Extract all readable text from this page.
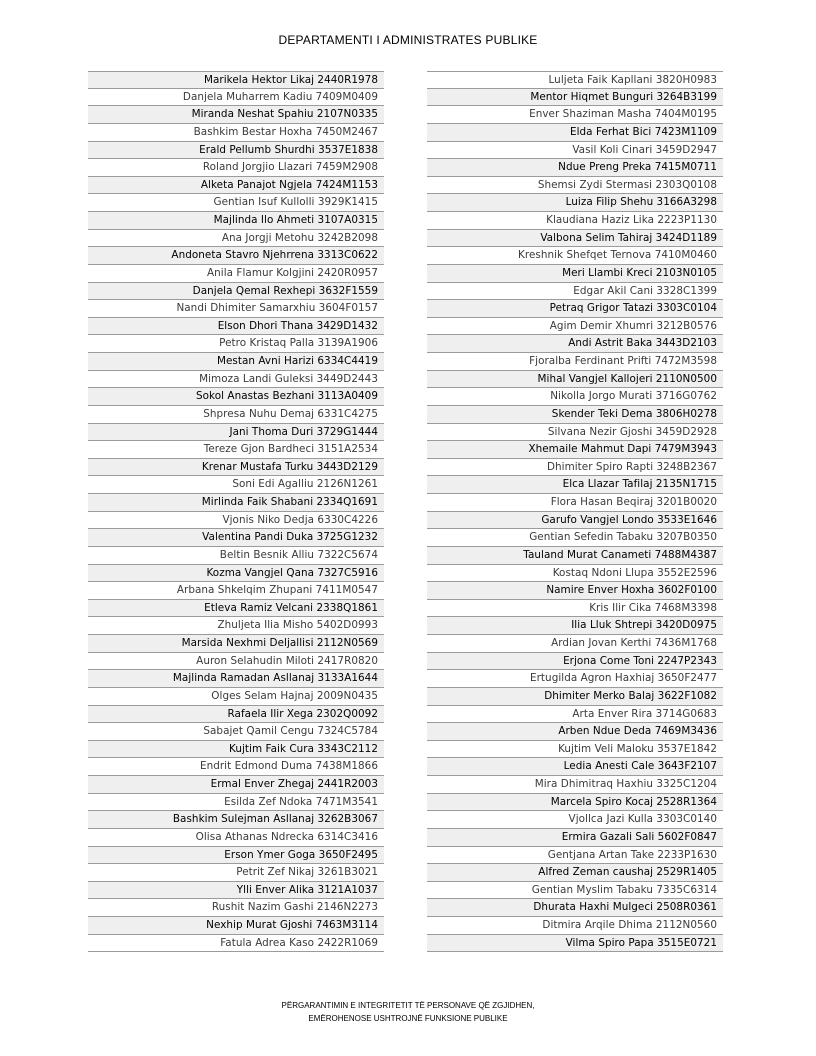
DEPARTAMENTI I ADMINISTRATES PUBLIKE
Marikela Hektor Likaj 2440R1978
Danjela Muharrem Kadiu 7409M0409
Miranda Neshat Spahiu 2107N0335
Bashkim Bestar Hoxha 7450M2467
Erald Pellumb Shurdhi 3537E1838
Roland Jorgjio Llazari 7459M2908
Alketa Panajot Ngjela 7424M1153
Gentian Isuf Kullolli 3929K1415
Majlinda Ilo Ahmeti 3107A0315
Ana Jorgji Metohu 3242B2098
Andoneta Stavro Njehrrena 3313C0622
Anila Flamur Kolgjini 2420R0957
Danjela Qemal Rexhepi 3632F1559
Nandi Dhimiter Samarxhiu 3604F0157
Elson Dhori Thana 3429D1432
Petro Kristaq Palla 3139A1906
Mestan Avni Harizi 6334C4419
Mimoza Landi Guleksi 3449D2443
Sokol Anastas Bezhani 3113A0409
Shpresa Nuhu Demaj 6331C4275
Jani Thoma Duri 3729G1444
Tereze Gjon Bardheci 3151A2534
Krenar Mustafa Turku 3443D2129
Soni Edi Agalliu 2126N1261
Mirlinda Faik Shabani 2334Q1691
Vjonis Niko Dedja 6330C4226
Valentina Pandi Duka 3725G1232
Beltin Besnik Alliu 7322C5674
Kozma Vangjel Qana 7327C5916
Arbana Shkelqim Zhupani 7411M0547
Etleva Ramiz Velcani 2338Q1861
Zhuljeta Ilia Misho 5402D0993
Marsida Nexhmi Deljallisi 2112N0569
Auron Selahudin Miloti 2417R0820
Majlinda Ramadan Asllanaj 3133A1644
Olges Selam Hajnaj 2009N0435
Rafaela Ilir Xega 2302Q0092
Sabajet Qamil Cengu 7324C5784
Kujtim Faik Cura 3343C2112
Endrit Edmond Duma 7438M1866
Ermal Enver Zhegaj 2441R2003
Esilda Zef Ndoka 7471M3541
Bashkim Sulejman Asllanaj 3262B3067
Olisa Athanas Ndrecka 6314C3416
Erson Ymer Goga 3650F2495
Petrit Zef Nikaj 3261B3021
Ylli Enver Alika 3121A1037
Rushit Nazim Gashi 2146N2273
Nexhip Murat Gjoshi 7463M3114
Fatula Adrea Kaso 2422R1069
Luljeta Faik Kapllani 3820H0983
Mentor Hiqmet Bunguri 3264B3199
Enver Shaziman Masha 7404M0195
Elda Ferhat Bici 7423M1109
Vasil Koli Cinari 3459D2947
Ndue Preng Preka 7415M0711
Shemsi Zydi Stermasi 2303Q0108
Luiza Filip Shehu 3166A3298
Klaudiana Haziz Lika 2223P1130
Valbona Selim Tahiraj 3424D1189
Kreshnik Shefqet Ternova 7410M0460
Meri Llambi Kreci 2103N0105
Edgar Akil Cani 3328C1399
Petraq Grigor Tatazi 3303C0104
Agim Demir Xhumri 3212B0576
Andi Astrit Baka 3443D2103
Fjoralba Ferdinant Prifti 7472M3598
Mihal Vangjel Kallojeri 2110N0500
Nikolla Jorgo Murati 3716G0762
Skender Teki Dema 3806H0278
Silvana Nezir Gjoshi 3459D2928
Xhemaile Mahmut Dapi 7479M3943
Dhimiter Spiro Rapti 3248B2367
Elca Llazar Tafilaj 2135N1715
Flora Hasan Beqiraj 3201B0020
Garufo Vangjel Londo 3533E1646
Gentian Sefedin Tabaku 3207B0350
Tauland Murat Canameti 7488M4387
Kostaq Ndoni Llupa 3552E2596
Namire Enver Hoxha 3602F0100
Kris Ilir Cika 7468M3398
Ilia Lluk Shtrepi 3420D0975
Ardian Jovan Kerthi 7436M1768
Erjona Come Toni 2247P2343
Ertugilda Agron Haxhiaj 3650F2477
Dhimiter Merko Balaj 3622F1082
Arta Enver Rira 3714G0683
Arben Ndue Deda 7469M3436
Kujtim Veli Maloku 3537E1842
Ledia Anesti Cale 3643F2107
Mira Dhimitraq Haxhiu 3325C1204
Marcela Spiro Kocaj 2528R1364
Vjollca Jazi Kulla 3303C0140
Ermira Gazali Sali 5602F0847
Gentjana Artan Take 2233P1630
Alfred Zeman caushaj 2529R1405
Gentian Myslim Tabaku 7335C6314
Dhurata Haxhi Mulgeci 2508R0361
Ditmira Arqile Dhima 2112N0560
Vilma Spiro Papa 3515E0721
PËRGARANTIMIN E INTEGRITETIT TË PERSONAVE QË ZGJIDHEN,
EMËROHENOSE USHTROJNË FUNKSIONE PUBLIKE
